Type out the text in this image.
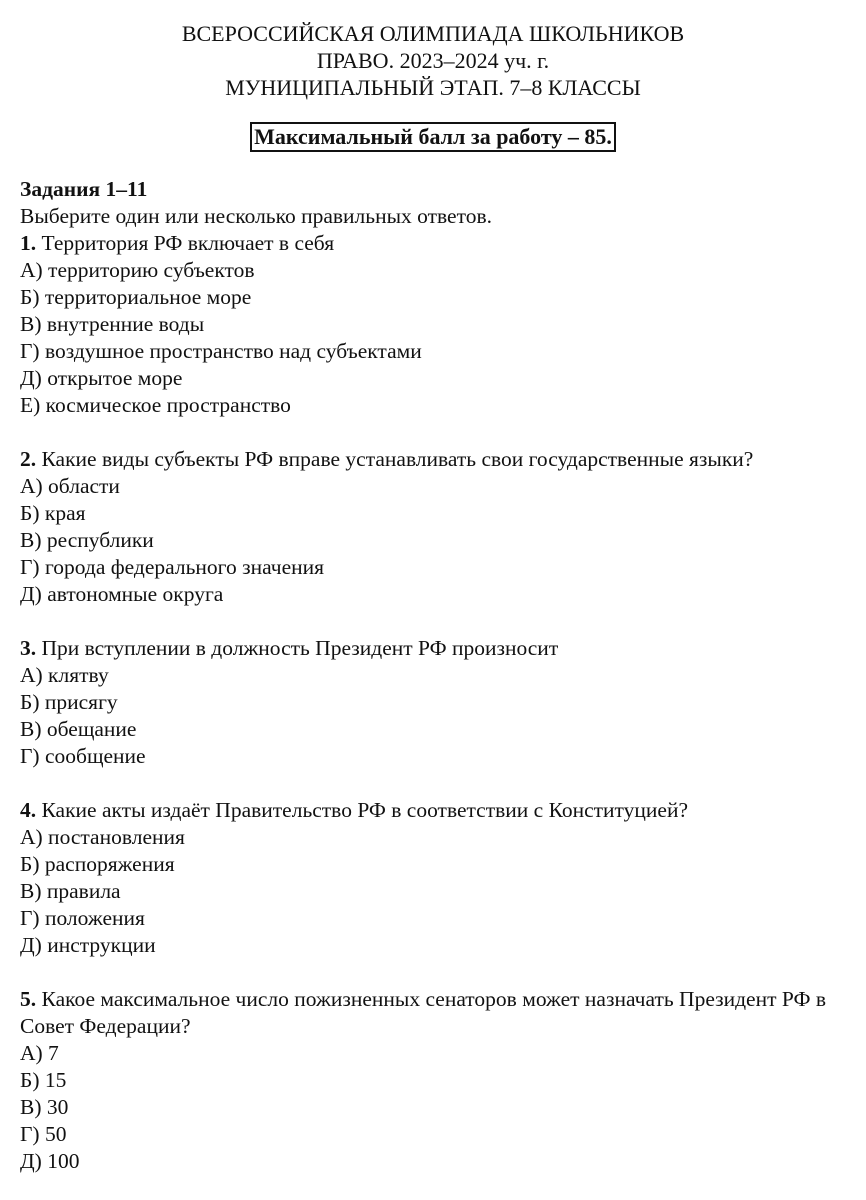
ВСЕРОССИЙСКАЯ ОЛИМПИАДА ШКОЛЬНИКОВ
ПРАВО. 2023–2024 уч. г.
МУНИЦИПАЛЬНЫЙ ЭТАП. 7–8 КЛАССЫ
Максимальный балл за работу – 85.
Задания 1–11
Выберите один или несколько правильных ответов.
1. Территория РФ включает в себя
А) территорию субъектов
Б) территориальное море
В) внутренние воды
Г) воздушное пространство над субъектами
Д) открытое море
Е) космическое пространство
2. Какие виды субъекты РФ вправе устанавливать свои государственные языки?
А) области
Б) края
В) республики
Г) города федерального значения
Д) автономные округа
3. При вступлении в должность Президент РФ произносит
А) клятву
Б) присягу
В) обещание
Г) сообщение
4. Какие акты издаёт Правительство РФ в соответствии с Конституцией?
А) постановления
Б) распоряжения
В) правила
Г) положения
Д) инструкции
5. Какое максимальное число пожизненных сенаторов может назначать Президент РФ в Совет Федерации?
А) 7
Б) 15
В) 30
Г) 50
Д) 100
